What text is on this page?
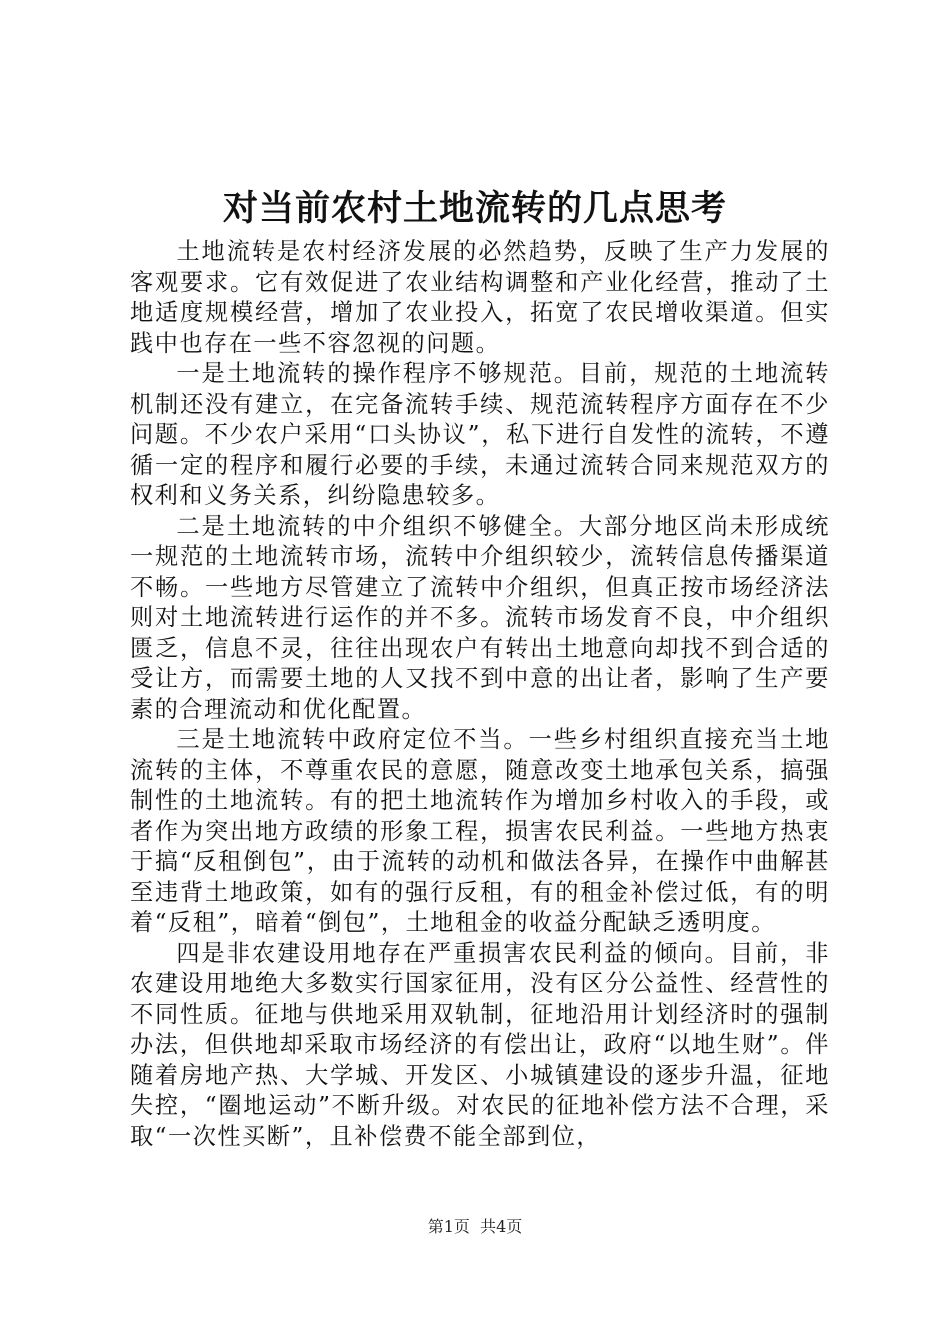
对当前农村土地流转的几点思考

土地流转是农村经济发展的必然趋势，反映了生产力发展的客观要求。它有效促进了农业结构调整和产业化经营，推动了土地适度规模经营，增加了农业投入，拓宽了农民增收渠道。但实践中也存在一些不容忽视的问题。

一是土地流转的操作程序不够规范。目前，规范的土地流转机制还没有建立，在完备流转手续、规范流转程序方面存在不少问题。不少农户采用“口头协议”，私下进行自发性的流转，不遵循一定的程序和履行必要的手续，未通过流转合同来规范双方的权利和义务关系，纠纷隐患较多。

二是土地流转的中介组织不够健全。大部分地区尚未形成统一规范的土地流转市场，流转中介组织较少，流转信息传播渠道不畅。一些地方尽管建立了流转中介组织，但真正按市场经济法则对土地流转进行运作的并不多。流转市场发育不良，中介组织匮乏，信息不灵，往往出现农户有转出土地意向却找不到合适的受让方，而需要土地的人又找不到中意的出让者，影响了生产要素的合理流动和优化配置。

三是土地流转中政府定位不当。一些乡村组织直接充当土地流转的主体，不尊重农民的意愿，随意改变土地承包关系，搞强制性的土地流转。有的把土地流转作为增加乡村收入的手段，或者作为突出地方政绩的形象工程，损害农民利益。一些地方热衷于搞“反租倒包”，由于流转的动机和做法各异，在操作中曲解甚至违背土地政策，如有的强行反租，有的租金补偿过低，有的明着“反租”，暗着“倒包”，土地租金的收益分配缺乏透明度。

四是非农建设用地存在严重损害农民利益的倾向。目前，非农建设用地绝大多数实行国家征用，没有区分公益性、经营性的不同性质。征地与供地采用双轨制，征地沿用计划经济时的强制办法，但供地却采取市场经济的有偿出让，政府“以地生财”。伴随着房地产热、大学城、开发区、小城镇建设的逐步升温，征地失控，“圈地运动”不断升级。对农民的征地补偿方法不合理，采取“一次性买断”，且补偿费不能全部到位，

第1页 共4页
